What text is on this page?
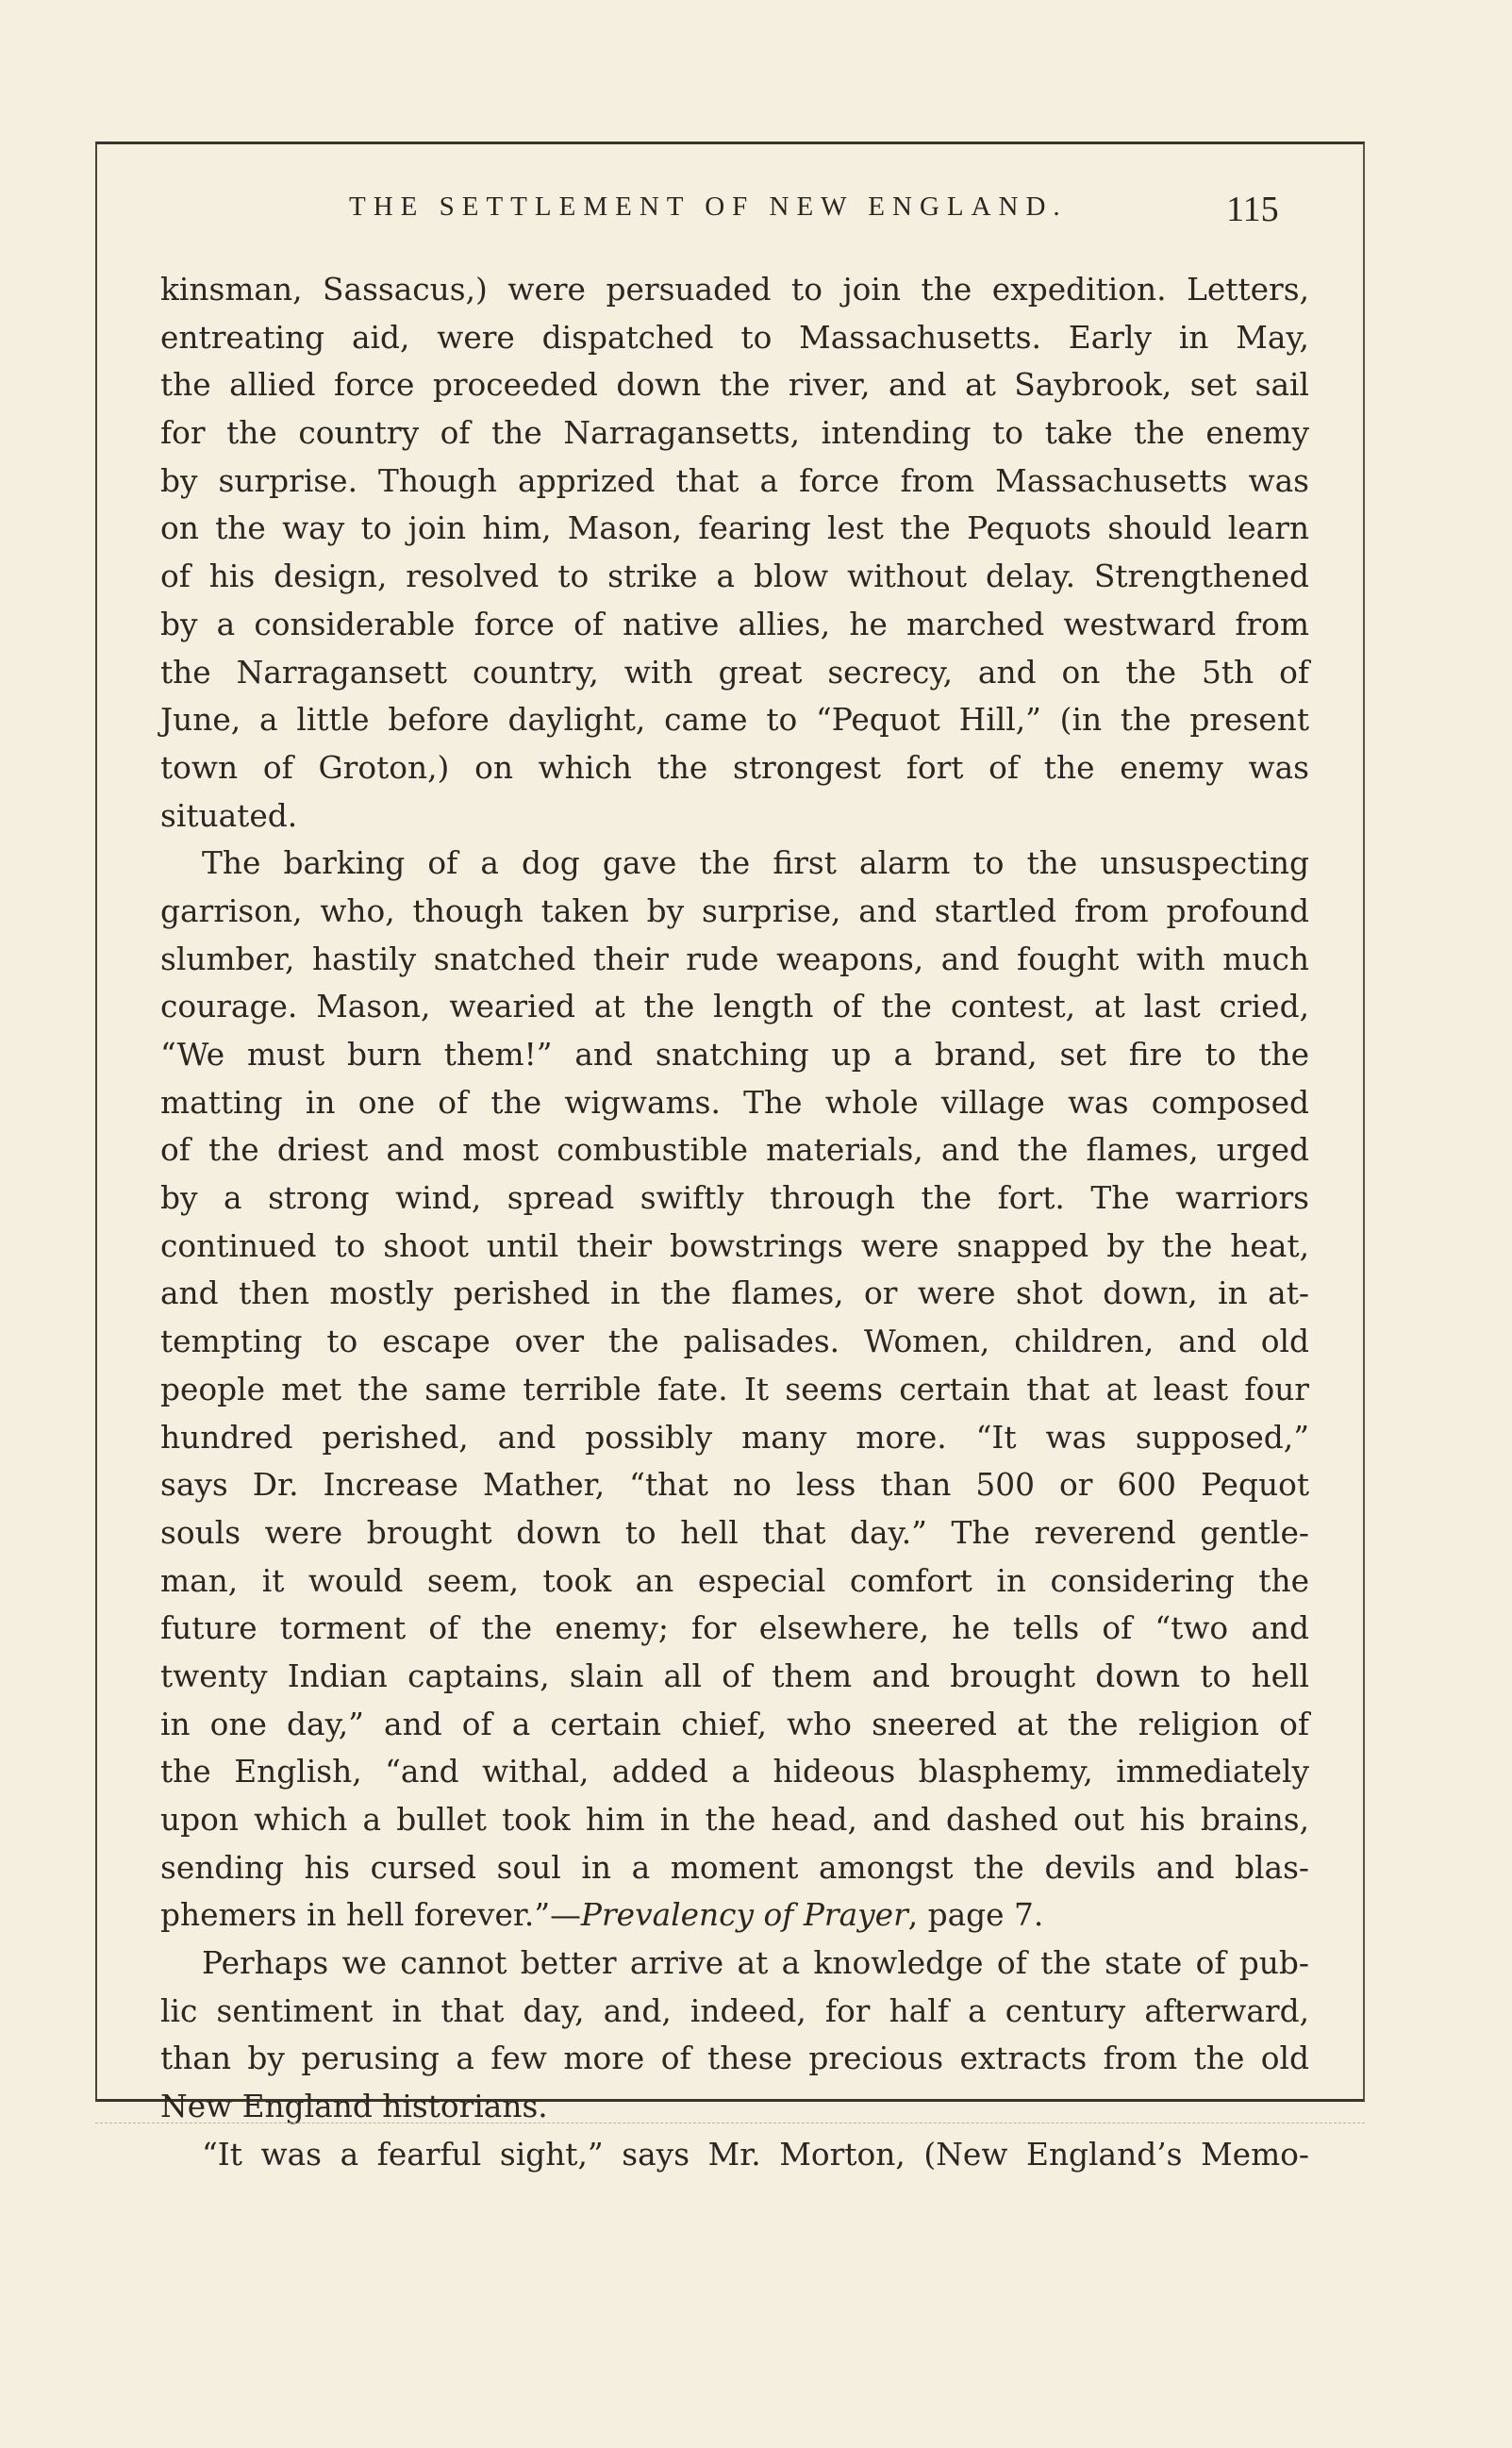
THE SETTLEMENT OF NEW ENGLAND.	115
kinsman, Sassacus,) were persuaded to join the expedition. Letters,
entreating aid, were dispatched to Massachusetts. Early in May,
the allied force proceeded down the river, and at Saybrook, set sail
for the country of the Narragansetts, intending to take the enemy
by surprise. Though apprized that a force from Massachusetts was
on the way to join him, Mason, fearing lest the Pequots should learn
of his design, resolved to strike a blow without delay. Strengthened
by a considerable force of native allies, he marched westward from
the Narragansett country, with great secrecy, and on the 5th of
June, a little before daylight, came to “Pequot Hill,” (in the present
town of Groton,) on which the strongest fort of the enemy was
situated.
The barking of a dog gave the first alarm to the unsuspecting
garrison, who, though taken by surprise, and startled from profound
slumber, hastily snatched their rude weapons, and fought with much
courage. Mason, wearied at the length of the contest, at last cried,
“We must burn them!” and snatching up a brand, set fire to the
matting in one of the wigwams. The whole village was composed
of the driest and most combustible materials, and the flames, urged
by a strong wind, spread swiftly through the fort. The warriors
continued to shoot until their bowstrings were snapped by the heat,
and then mostly perished in the flames, or were shot down, in at-
tempting to escape over the palisades. Women, children, and old
people met the same terrible fate. It seems certain that at least four
hundred perished, and possibly many more. “It was supposed,”
says Dr. Increase Mather, “that no less than 500 or 600 Pequot
souls were brought down to hell that day.” The reverend gentle-
man, it would seem, took an especial comfort in considering the
future torment of the enemy; for elsewhere, he tells of “two and
twenty Indian captains, slain all of them and brought down to hell
in one day,” and of a certain chief, who sneered at the religion of
the English, “and withal, added a hideous blasphemy, immediately
upon which a bullet took him in the head, and dashed out his brains,
sending his cursed soul in a moment amongst the devils and blas-
phemers in hell forever.”—Prevalency of Prayer, page 7.
Perhaps we cannot better arrive at a knowledge of the state of pub-
lic sentiment in that day, and, indeed, for half a century afterward,
than by perusing a few more of these precious extracts from the old
New England historians.
“It was a fearful sight,” says Mr. Morton, (New England’s Memo-
